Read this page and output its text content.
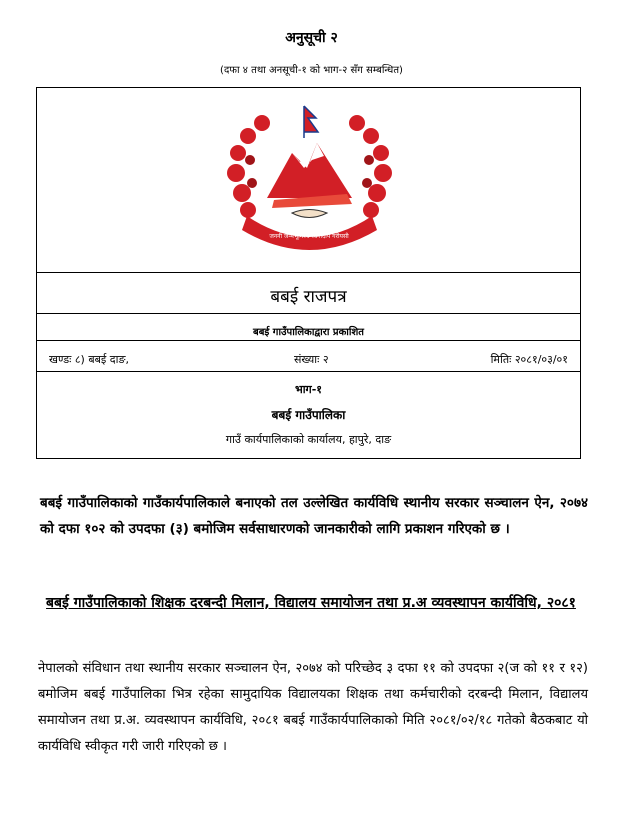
अनुसूची २
(दफा ४ तथा अनसूची-१ को भाग-२ सँग सम्बन्धित)
जननी जन्मभूमिश्च स्वर्गादपि गरीयसी
बबई राजपत्र
बबई गाउँपालिकाद्वारा प्रकाशित
खण्डः ८) बबई दाङ,	संख्याः २	मितिः २०८१/०३/०१
भाग-१
बबई गाउँपालिका
गाउँ कार्यपालिकाको कार्यालय, हापुरे, दाङ
बबई गाउँपालिकाको गाउँकार्यपालिकाले बनाएको तल उल्लेखित कार्यविधि स्थानीय सरकार सञ्चालन ऐन, २०७४ को दफा १०२ को उपदफा (३) बमोजिम सर्वसाधारणको जानकारीको लागि प्रकाशन गरिएको छ ।
बबई गाउँपालिकाको शिक्षक दरबन्दी मिलान, विद्यालय समायोजन तथा प्र.अ व्यवस्थापन कार्यविधि, २०८१
नेपालको संविधान तथा स्थानीय सरकार सञ्चालन ऐन, २०७४ को परिच्छेद ३ दफा ११ को उपदफा २(ज को ११ र १२) बमोजिम बबई गाउँपालिका भित्र रहेका सामुदायिक विद्यालयका शिक्षक तथा कर्मचारीको दरबन्दी मिलान, विद्यालय समायोजन तथा प्र.अ. व्यवस्थापन कार्यविधि, २०८१ बबई गाउँकार्यपालिकाको मिति २०८१/०२/१८ गतेको बैठकबाट यो कार्यविधि स्वीकृत गरी जारी गरिएको छ ।
